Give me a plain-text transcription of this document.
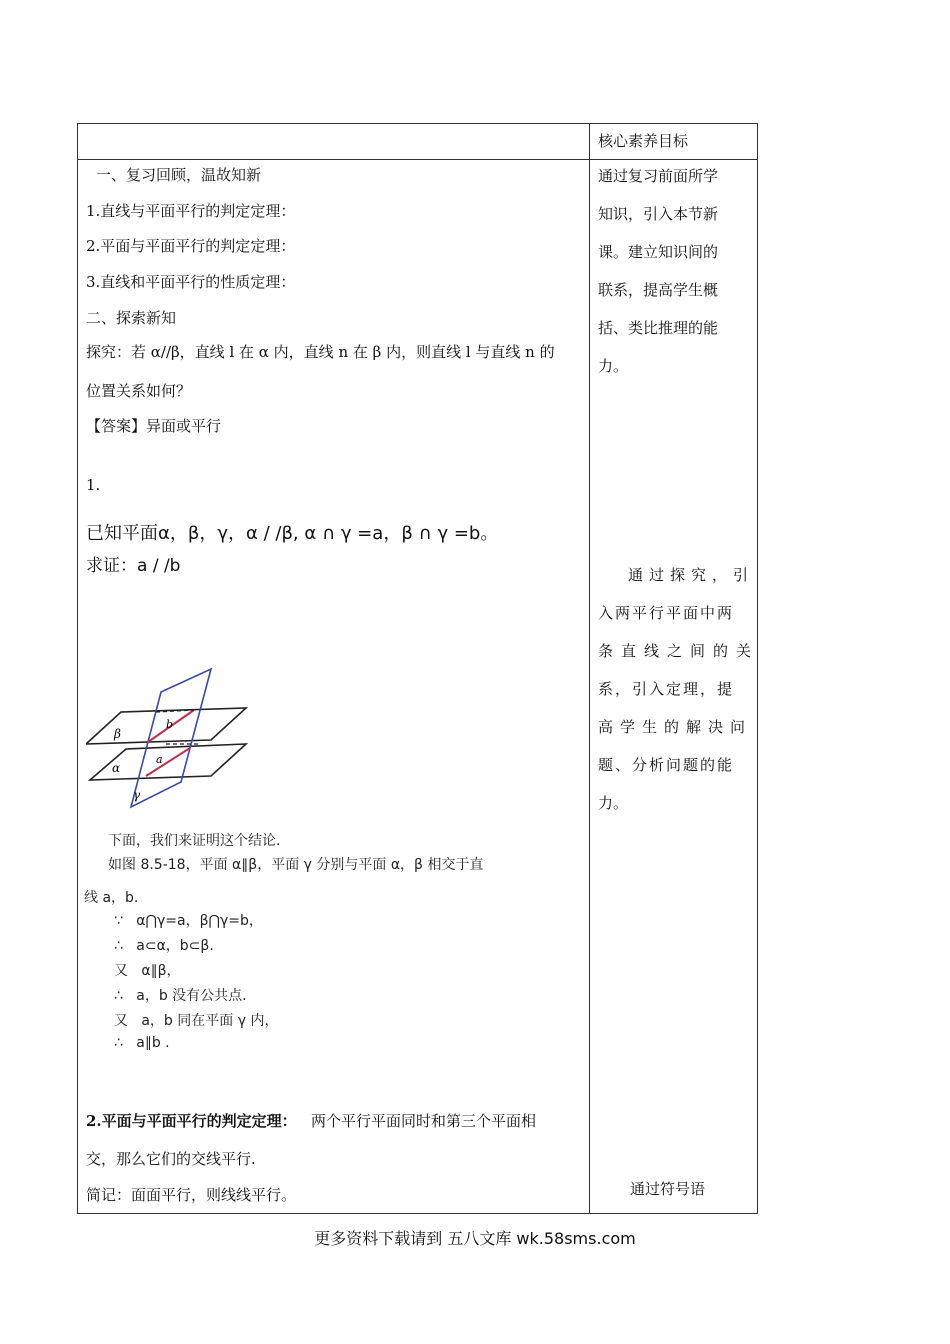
核心素养目标
一、复习回顾，温故知新
1.直线与平面平行的判定定理：
2.平面与平面平行的判定定理：
3.直线和平面平行的性质定理：
二、探索新知
探究：若 α//β，直线 l 在 α 内，直线 n 在 β 内，则直线 l 与直线 n 的
位置关系如何？
【答案】异面或平行
1.
已知平面α，β，γ，α / /β, α ∩ γ =a，β ∩ γ =b。
求证：a / /b
β
α
γ
a
b
下面，我们来证明这个结论.
如图 8.5-18，平面 α∥β，平面 γ 分别与平面 α，β 相交于直
线 a，b.
∵   α⋂γ=a，β⋂γ=b，
∴   a⊂α，b⊂β.
又   α∥β，
∴   a，b 没有公共点.
又   a，b 同在平面 γ 内，
∴   a∥b .
2.平面与平面平行的判定定理： 两个平行平面同时和第三个平面相
交，那么它们的交线平行.
简记：面面平行，则线线平行。
通过复习前面所学
知识，引入本节新
课。建立知识间的
联系，提高学生概
括、类比推理的能
力。
通过探究，引
入两平行平面中两
条直线之间的关
系，引入定理，提
高学生的解决问
题、分析问题的能
力。
通过符号语
更多资料下载请到 五八文库 wk.58sms.com
